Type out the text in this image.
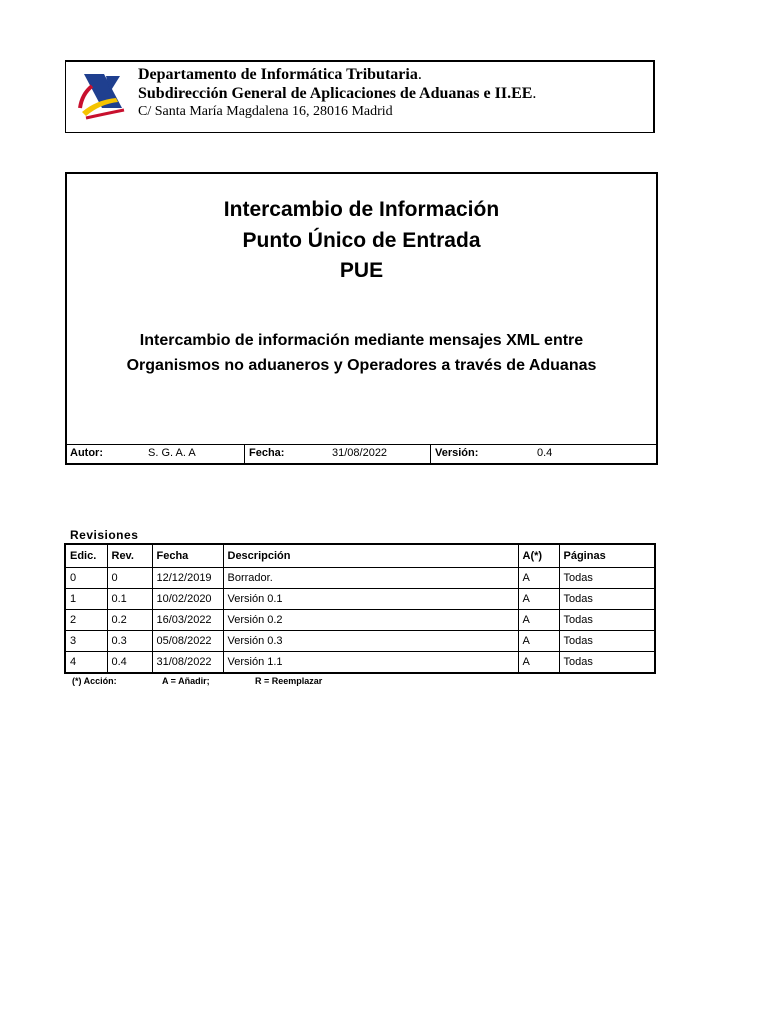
Departamento de Informática Tributaria.
Subdirección General de Aplicaciones de Aduanas e II.EE.
C/ Santa María Magdalena 16, 28016 Madrid
Intercambio de Información
Punto Único de Entrada
PUE
Intercambio de información mediante mensajes XML entre
Organismos no aduaneros y Operadores a través de Aduanas
Autor:	S. G. A. A	Fecha:	31/08/2022	Versión:	0.4
Revisiones
Edic.	Rev.	Fecha	Descripción	A(*)	Páginas
0	0	12/12/2019	Borrador.	A	Todas
1	0.1	10/02/2020	Versión 0.1	A	Todas
2	0.2	16/03/2022	Versión 0.2	A	Todas
3	0.3	05/08/2022	Versión 0.3	A	Todas
4	0.4	31/08/2022	Versión 1.1	A	Todas
(*) Acción:	A = Añadir;	R = Reemplazar
